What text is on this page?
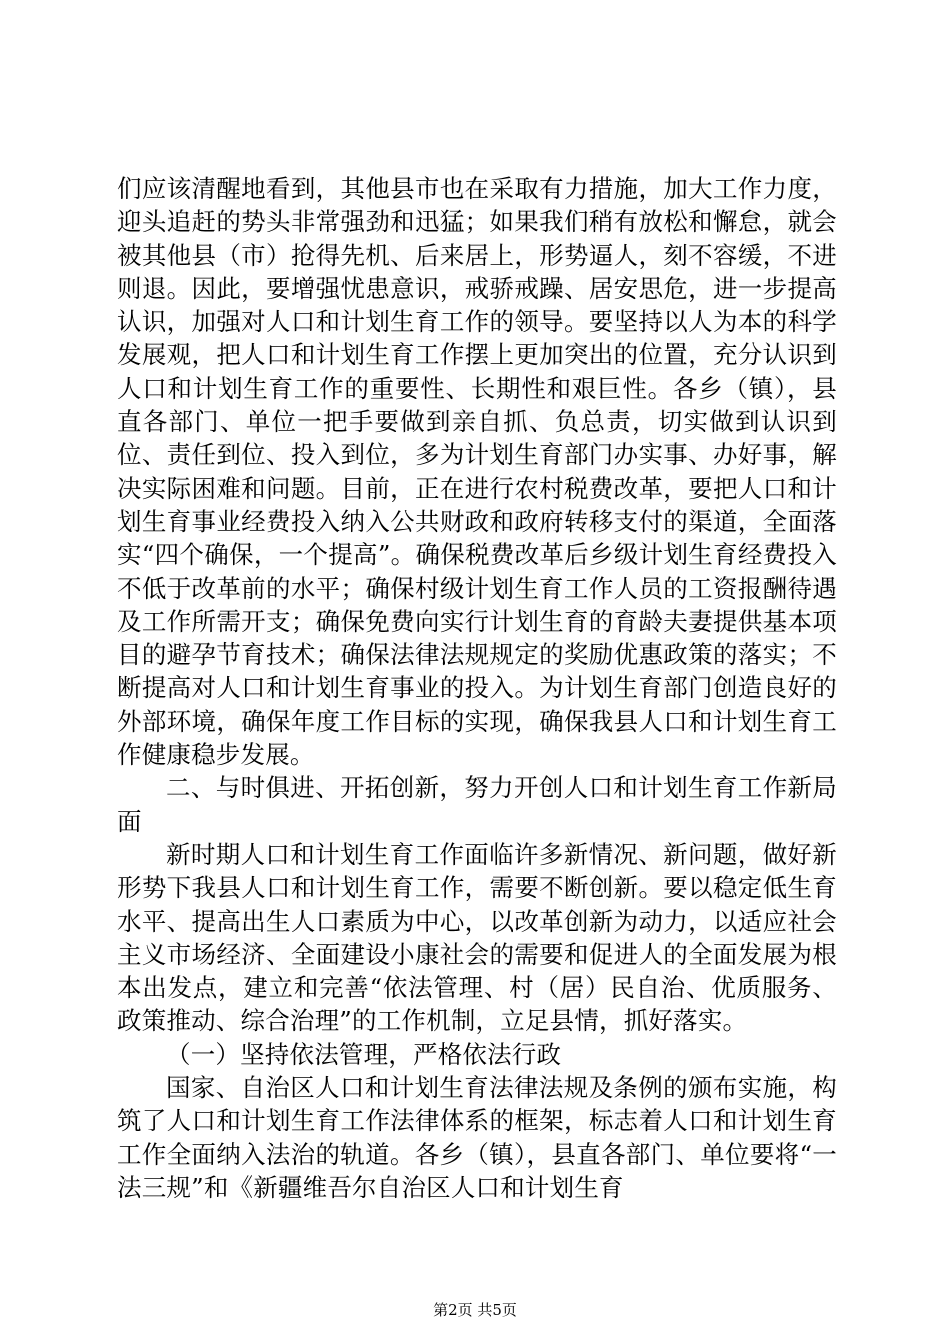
们应该清醒地看到，其他县市也在采取有力措施，加大工作力度，迎头追赶的势头非常强劲和迅猛；如果我们稍有放松和懈怠，就会被其他县（市）抢得先机、后来居上，形势逼人，刻不容缓，不进则退。因此，要增强忧患意识，戒骄戒躁、居安思危，进一步提高认识，加强对人口和计划生育工作的领导。要坚持以人为本的科学发展观，把人口和计划生育工作摆上更加突出的位置，充分认识到人口和计划生育工作的重要性、长期性和艰巨性。各乡（镇），县直各部门、单位一把手要做到亲自抓、负总责，切实做到认识到位、责任到位、投入到位，多为计划生育部门办实事、办好事，解决实际困难和问题。目前，正在进行农村税费改革，要把人口和计划生育事业经费投入纳入公共财政和政府转移支付的渠道，全面落实“四个确保，一个提高”。确保税费改革后乡级计划生育经费投入不低于改革前的水平；确保村级计划生育工作人员的工资报酬待遇及工作所需开支；确保免费向实行计划生育的育龄夫妻提供基本项目的避孕节育技术；确保法律法规规定的奖励优惠政策的落实；不断提高对人口和计划生育事业的投入。为计划生育部门创造良好的外部环境，确保年度工作目标的实现，确保我县人口和计划生育工作健康稳步发展。

二、与时俱进、开拓创新，努力开创人口和计划生育工作新局面

新时期人口和计划生育工作面临许多新情况、新问题，做好新形势下我县人口和计划生育工作，需要不断创新。要以稳定低生育水平、提高出生人口素质为中心，以改革创新为动力，以适应社会主义市场经济、全面建设小康社会的需要和促进人的全面发展为根本出发点，建立和完善“依法管理、村（居）民自治、优质服务、政策推动、综合治理”的工作机制，立足县情，抓好落实。

（一）坚持依法管理，严格依法行政

国家、自治区人口和计划生育法律法规及条例的颁布实施，构筑了人口和计划生育工作法律体系的框架，标志着人口和计划生育工作全面纳入法治的轨道。各乡（镇），县直各部门、单位要将“一法三规”和《新疆维吾尔自治区人口和计划生育

第2页 共5页
